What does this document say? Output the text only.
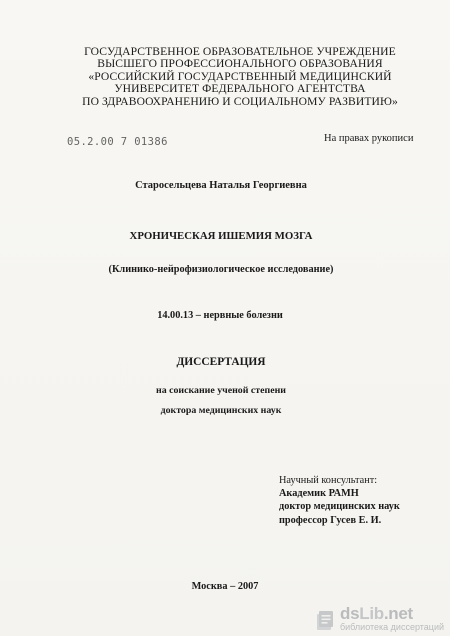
ГОСУДАРСТВЕННОЕ ОБРАЗОВАТЕЛЬНОЕ УЧРЕЖДЕНИЕ
ВЫСШЕГО ПРОФЕССИОНАЛЬНОГО ОБРАЗОВАНИЯ
«РОССИЙСКИЙ ГОСУДАРСТВЕННЫЙ МЕДИЦИНСКИЙ
УНИВЕРСИТЕТ ФЕДЕРАЛЬНОГО АГЕНТСТВА
ПО ЗДРАВООХРАНЕНИЮ И СОЦИАЛЬНОМУ РАЗВИТИЮ»
05.2.00 7 01386	На правах рукописи
Старосельцева Наталья Георгиевна
ХРОНИЧЕСКАЯ ИШЕМИЯ МОЗГА
(Клинико-нейрофизиологическое исследование)
14.00.13 – нервные болезни
ДИССЕРТАЦИЯ
на соискание ученой степени
доктора медицинских наук
Научный консультант:
Академик РАМН
доктор медицинских наук
профессор Гусев Е. И.
Москва – 2007
dsLib.net
библиотека диссертаций
